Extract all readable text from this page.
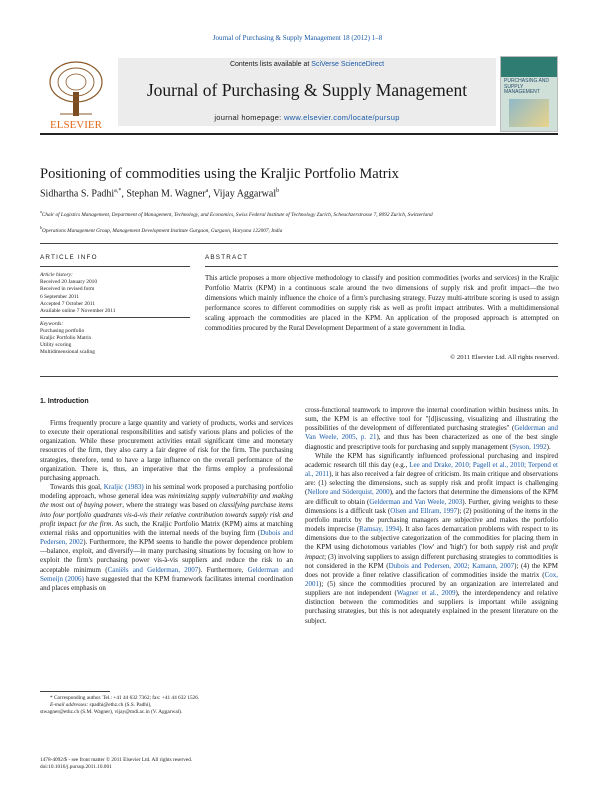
Journal of Purchasing & Supply Management 18 (2012) 1–8
Contents lists available at SciVerse ScienceDirect
Journal of Purchasing & Supply Management
journal homepage: www.elsevier.com/locate/pursup
ELSEVIER
PURCHASING AND SUPPLY MANAGEMENT
Positioning of commodities using the Kraljic Portfolio Matrix
Sidhartha S. Padhi$^{a,*}$, Stephan M. Wagner$^a$, Vijay Aggarwal$^b$
$^a$Chair of Logistics Management, Department of Management, Technology, and Economics, Swiss Federal Institute of Technology Zurich, Scheuchzerstrasse 7, 8092 Zurich, Switzerland
$^b$Operations Management Group, Management Development Institute Gurgaon, Gurgaon, Haryana 122007, India
ARTICLE INFO	ABSTRACT
Article history:
Received 20 January 2010
Received in revised form
6 September 2011
Accepted 7 October 2011
Available online 7 November 2011
Keywords:
Purchasing portfolio
Kraljic Portfolio Matrix
Utility scoring
Multidimensional scaling
This article proposes a more objective methodology to classify and position commodities (works and services) in the Kraljic Portfolio Matrix (KPM) in a continuous scale around the two dimensions of supply risk and profit impact—the two dimensions which mainly influence the choice of a firm's purchasing strategy. Fuzzy multi-attribute scoring is used to assign performance scores to different commodities on supply risk as well as profit impact attributes. With a multidimensional scaling approach the commodities are placed in the KPM. An application of the proposed approach is attempted on commodities procured by the Rural Development Department of a state government in India.
© 2011 Elsevier Ltd. All rights reserved.
1. Introduction

Firms frequently procure a large quantity and variety of products, works and services to execute their operational responsibilities and satisfy various plans and policies of the organization. While these procurement activities entail significant time and monetary resources of the firm, they also carry a fair degree of risk for the firm. The purchasing strategies, therefore, tend to have a large influence on the overall performance of the organization. There is, thus, an imperative that the firms employ a professional purchasing approach.

Towards this goal, Kraljic (1983) in his seminal work proposed a purchasing portfolio modeling approach, whose general idea was minimizing supply vulnerability and making the most out of buying power, where the strategy was based on classifying purchase items into four portfolio quadrants vis-à-vis their relative contribution towards supply risk and profit impact for the firm. As such, the Kraljic Portfolio Matrix (KPM) aims at matching external risks and opportunities with the internal needs of the buying firm (Dubois and Pedersen, 2002). Furthermore, the KPM seems to handle the power dependence problem—balance, exploit, and diversify—in many purchasing situations by focusing on how to exploit the firm's purchasing power vis-à-vis suppliers and reduce the risk to an acceptable minimum (Caniëls and Gelderman, 2007). Furthermore, Gelderman and Semeijn (2006) have suggested that the KPM framework facilitates internal coordination and places emphasis on

cross-functional teamwork to improve the internal coordination within business units. In sum, the KPM is an effective tool for "[d]iscussing, visualizing and illustrating the possibilities of the development of differentiated purchasing strategies" (Gelderman and Van Weele, 2005, p. 21), and thus has been characterized as one of the best single diagnostic and prescriptive tools for purchasing and supply management (Syson, 1992).

While the KPM has significantly influenced professional purchasing and inspired academic research till this day (e.g., Lee and Drake, 2010; Pagell et al., 2010; Terpend et al., 2011), it has also received a fair degree of criticism. Its main critique and observations are: (1) selecting the dimensions, such as supply risk and profit impact is challenging (Nellore and Söderquist, 2000), and the factors that determine the dimensions of the KPM are difficult to obtain (Gelderman and Van Weele, 2003). Further, giving weights to these dimensions is a difficult task (Olsen and Ellram, 1997); (2) positioning of the items in the portfolio matrix by the purchasing managers are subjective and makes the portfolio models imprecise (Ramsay, 1994). It also faces demarcation problems with respect to its dimensions due to the subjective categorization of the commodities for placing them in the KPM using dichotomous variables ('low' and 'high') for both supply risk and profit impact; (3) involving suppliers to assign different purchasing strategies to commodities is not considered in the KPM (Dubois and Pedersen, 2002; Kamann, 2007); (4) the KPM does not provide a finer relative classification of commodities inside the matrix (Cox, 2001); (5) since the commodities procured by an organization are interrelated and suppliers are not independent (Wagner et al., 2009), the interdependency and relative distinction between the commodities and suppliers is important while assigning purchasing strategies, but this is not adequately explained in the present literature on the subject.

* Corresponding author. Tel.: +41 44 632 7362; fax: +41 44 632 1526.
E-mail addresses: spadhi@ethz.ch (S.S. Padhi),
stwagner@ethz.ch (S.M. Wagner), vijay@mdi.ac.in (V. Aggarwal).
1478-4092/$ - see front matter © 2011 Elsevier Ltd. All rights reserved.
doi:10.1016/j.pursup.2011.10.001
